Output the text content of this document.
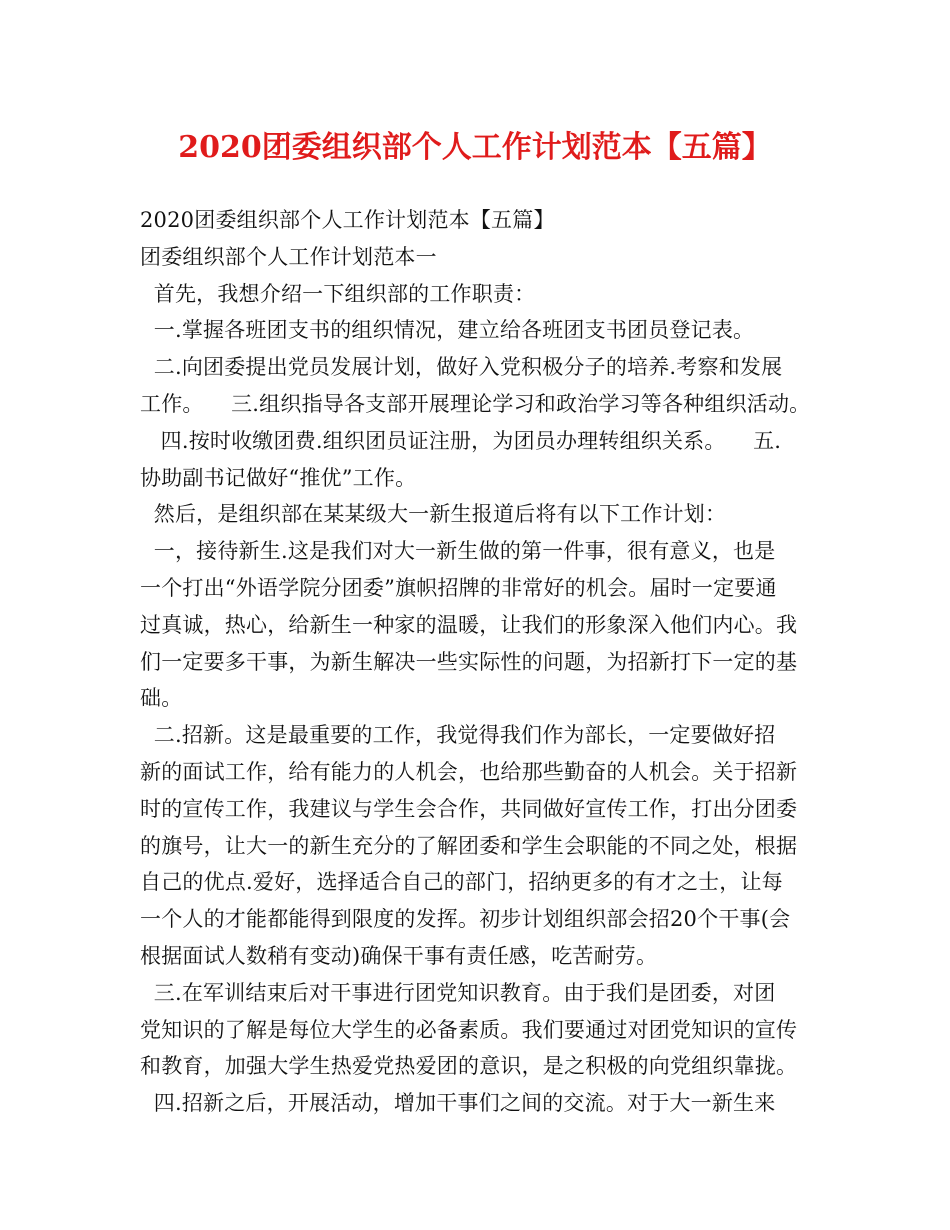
2020团委组织部个人工作计划范本【五篇】
2020团委组织部个人工作计划范本【五篇】
团委组织部个人工作计划范本一
首先，我想介绍一下组织部的工作职责：
一.掌握各班团支书的组织情况，建立给各班团支书团员登记表。
二.向团委提出党员发展计划，做好入党积极分子的培养.考察和发展
工作。    三.组织指导各支部开展理论学习和政治学习等各种组织活动。
四.按时收缴团费.组织团员证注册，为团员办理转组织关系。    五.
协助副书记做好“推优”工作。
然后，是组织部在某某级大一新生报道后将有以下工作计划：
一，接待新生.这是我们对大一新生做的第一件事，很有意义，也是
一个打出“外语学院分团委”旗帜招牌的非常好的机会。届时一定要通
过真诚，热心，给新生一种家的温暖，让我们的形象深入他们内心。我
们一定要多干事，为新生解决一些实际性的问题，为招新打下一定的基
础。
二.招新。这是最重要的工作，我觉得我们作为部长，一定要做好招
新的面试工作，给有能力的人机会，也给那些勤奋的人机会。关于招新
时的宣传工作，我建议与学生会合作，共同做好宣传工作，打出分团委
的旗号，让大一的新生充分的了解团委和学生会职能的不同之处，根据
自己的优点.爱好，选择适合自己的部门，招纳更多的有才之士，让每
一个人的才能都能得到限度的发挥。初步计划组织部会招20个干事(会
根据面试人数稍有变动)确保干事有责任感，吃苦耐劳。
三.在军训结束后对干事进行团党知识教育。由于我们是团委，对团
党知识的了解是每位大学生的必备素质。我们要通过对团党知识的宣传
和教育，加强大学生热爱党热爱团的意识，是之积极的向党组织靠拢。
四.招新之后，开展活动，增加干事们之间的交流。对于大一新生来
